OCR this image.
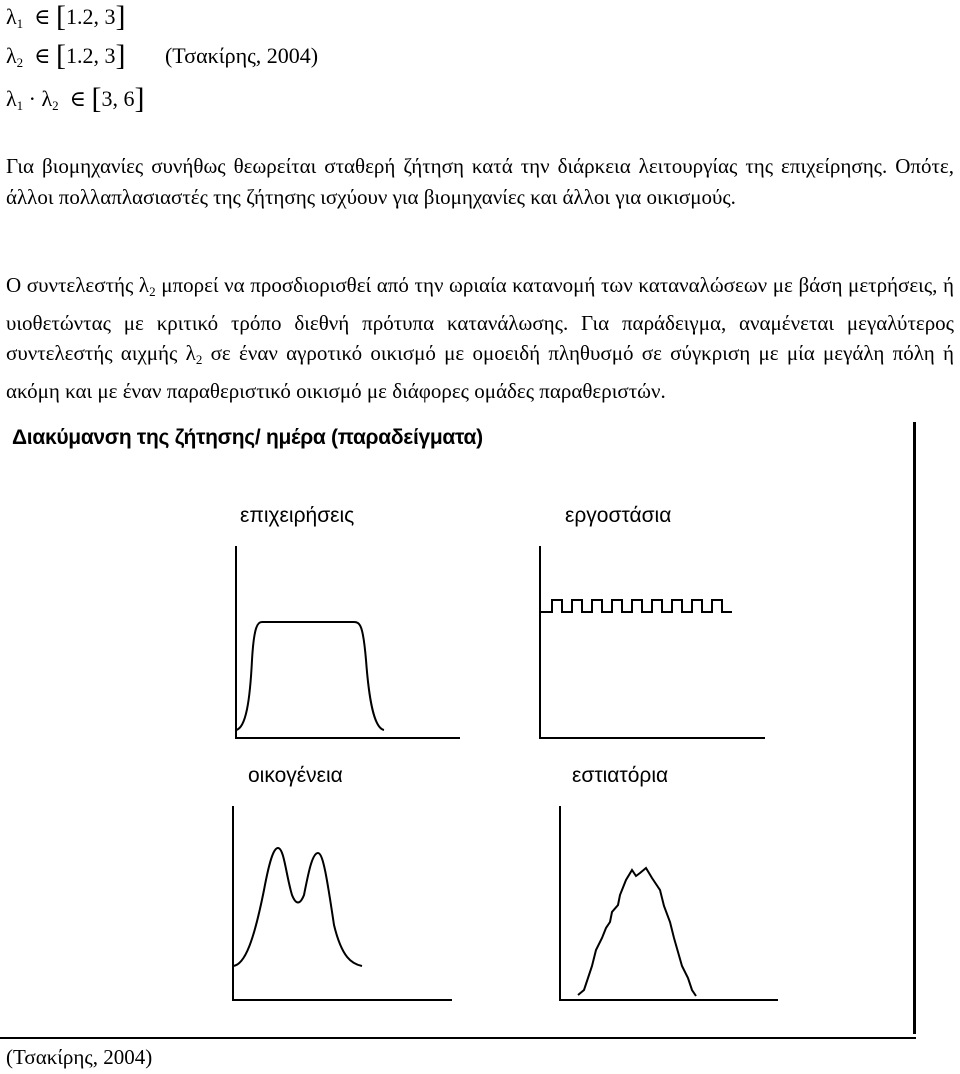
$\lambda_1$ ∈ [1.2, 3]
$\lambda_2$ ∈ [1.2, 3] (Τσακίρης, 2004)
$\lambda_1 \cdot \lambda_2$ ∈ [3, 6]

Για βιομηχανίες συνήθως θεωρείται σταθερή ζήτηση κατά την διάρκεια λειτουργίας της επιχείρησης. Οπότε, άλλοι πολλαπλασιαστές της ζήτησης ισχύουν για βιομηχανίες και άλλοι για οικισμούς.

Ο συντελεστής $\lambda_2$ μπορεί να προσδιορισθεί από την ωριαία κατανομή των καταναλώσεων με βάση μετρήσεις, ή υιοθετώντας με κριτικό τρόπο διεθνή πρότυπα κατανάλωσης. Για παράδειγμα, αναμένεται μεγαλύτερος συντελεστής αιχμής $\lambda_2$ σε έναν αγροτικό οικισμό με ομοειδή πληθυσμό σε σύγκριση με μία μεγάλη πόλη ή ακόμη και με έναν παραθεριστικό οικισμό με διάφορες ομάδες παραθεριστών.

Διακύμανση της ζήτησης/ ημέρα (παραδείγματα)
επιχειρήσεις	εργοστάσια
οικογένεια	εστιατόρια
(Τσακίρης, 2004)
